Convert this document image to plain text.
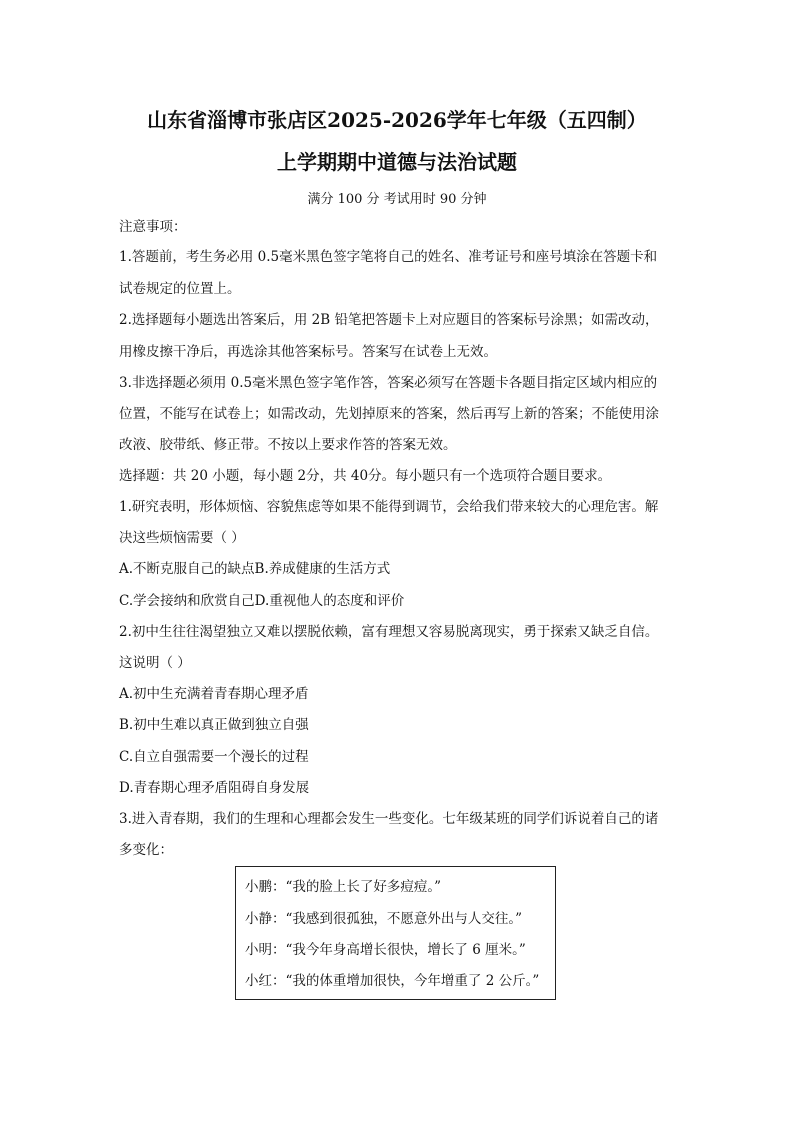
山东省淄博市张店区2025-2026学年七年级（五四制）
上学期期中道德与法治试题
满分 100 分 考试用时 90 分钟
注意事项：
1.答题前，考生务必用 0.5毫米黑色签字笔将自己的姓名、准考证号和座号填涂在答题卡和
试卷规定的位置上。
2.选择题每小题选出答案后，用 2B 铅笔把答题卡上对应题目的答案标号涂黑；如需改动，
用橡皮擦干净后，再选涂其他答案标号。答案写在试卷上无效。
3.非选择题必须用 0.5毫米黑色签字笔作答，答案必须写在答题卡各题目指定区域内相应的
位置，不能写在试卷上；如需改动，先划掉原来的答案，然后再写上新的答案；不能使用涂
改液、胶带纸、修正带。不按以上要求作答的答案无效。
选择题：共 20 小题，每小题 2分，共 40分。每小题只有一个选项符合题目要求。
1.研究表明，形体烦恼、容貌焦虑等如果不能得到调节，会给我们带来较大的心理危害。解
决这些烦恼需要（ ）
A.不断克服自己的缺点B.养成健康的生活方式
C.学会接纳和欣赏自己D.重视他人的态度和评价
2.初中生往往渴望独立又难以摆脱依赖，富有理想又容易脱离现实，勇于探索又缺乏自信。
这说明（ ）
A.初中生充满着青春期心理矛盾
B.初中生难以真正做到独立自强
C.自立自强需要一个漫长的过程
D.青春期心理矛盾阻碍自身发展
3.进入青春期，我们的生理和心理都会发生一些变化。七年级某班的同学们诉说着自己的诸
多变化：
小鹏：“我的脸上长了好多痘痘。”
小静：“我感到很孤独，不愿意外出与人交往。”
小明：“我今年身高增长很快，增长了 6 厘米。”
小红：“我的体重增加很快，今年增重了 2 公斤。”
